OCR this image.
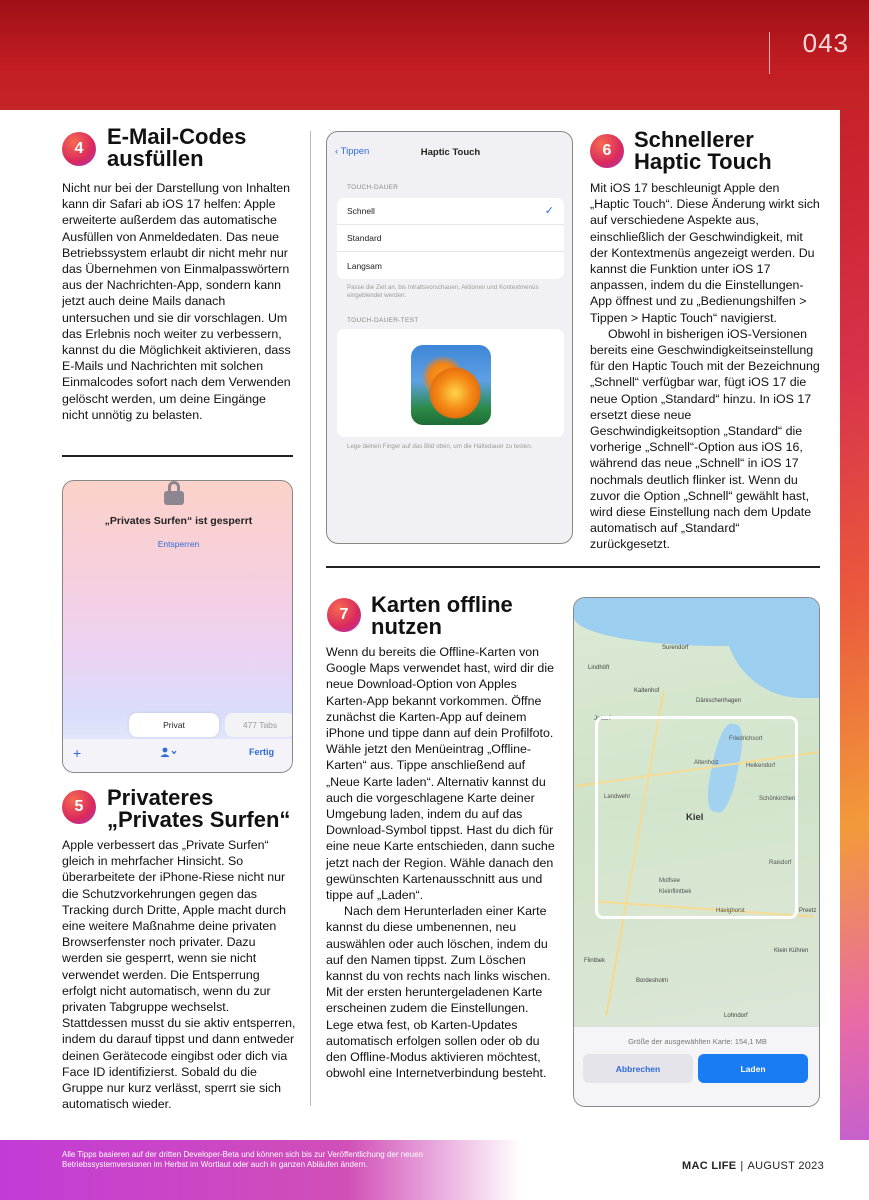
043
4	E-Mail-Codes
ausfüllen

Nicht nur bei der Darstellung von Inhalten kann dir Safari ab iOS 17 helfen: Apple erweiterte außerdem das automatische Ausfüllen von Anmeldedaten. Das neue Betriebssystem erlaubt dir nicht mehr nur das Übernehmen von Einmalpasswörtern aus der Nachrichten-App, sondern kann jetzt auch deine Mails danach untersuchen und sie dir vorschlagen. Um das Erlebnis noch weiter zu verbessern, kannst du die Möglichkeit aktivieren, dass E-Mails und Nachrichten mit solchen Einmalcodes sofort nach dem Verwenden gelöscht werden, um deine Eingänge nicht unnötig zu belasten.

„Privates Surfen“ ist gesperrt
Entsperren
Privat	477 Tabs
+	Fertig
5	Privateres
„Privates Surfen“

Apple verbessert das „Private Surfen“ gleich in mehrfacher Hinsicht. So überarbeitete der iPhone-Riese nicht nur die Schutzvorkehrungen gegen das Tracking durch Dritte, Apple macht durch eine weitere Maßnahme deine privaten Browserfenster noch privater. Dazu werden sie gesperrt, wenn sie nicht verwendet werden. Die Entsperrung erfolgt nicht automatisch, wenn du zur privaten Tabgruppe wechselst. Stattdessen musst du sie aktiv entsperren, indem du darauf tippst und dann entweder deinen Gerätecode eingibst oder dich via Face ID identifizierst. Sobald du die Gruppe nur kurz verlässt, sperrt sie sich automatisch wieder.

‹ Tippen	Haptic Touch
TOUCH-DAUER
Schnell	✓
Standard
Langsam
Passe die Zeit an, bis Inhaltsvorschauen, Aktionen und Kontextmenüs eingeblendet werden.
TOUCH-DAUER-TEST
Lege deinen Finger auf das Bild oben, um die Haltedauer zu testen.
6	Schnellerer
Haptic Touch

Mit iOS 17 beschleunigt Apple den „Haptic Touch“. Diese Änderung wirkt sich auf verschiedene Aspekte aus, einschließlich der Geschwindigkeit, mit der Kontextmenüs angezeigt werden. Du kannst die Funktion unter iOS 17 anpassen, indem du die Einstellungen-App öffnest und zu „Bedienungshilfen > Tippen > Haptic Touch“ navigierst.

Obwohl in bisherigen iOS-Versionen bereits eine Geschwindigkeitseinstellung für den Haptic Touch mit der Bezeichnung „Schnell“ verfügbar war, fügt iOS 17 die neue Option „Standard“ hinzu. In iOS 17 ersetzt diese neue Geschwindigkeitsoption „Standard“ die vorherige „Schnell“-Option aus iOS 16, während das neue „Schnell“ in iOS 17 nochmals deutlich flinker ist. Wenn du zuvor die Option „Schnell“ gewählt hast, wird diese Einstellung nach dem Update automatisch auf „Standard“ zurückgesetzt.

7	Karten offline
nutzen

Wenn du bereits die Offline-Karten von Google Maps verwendet hast, wird dir die neue Download-Option von Apples Karten-App bekannt vorkommen. Öffne zunächst die Karten-App auf deinem iPhone und tippe dann auf dein Profilfoto. Wähle jetzt den Menüeintrag „Offline-Karten“ aus. Tippe anschließend auf „Neue Karte laden“. Alternativ kannst du auch die vorgeschlagene Karte deiner Umgebung laden, indem du auf das Download-Symbol tippst. Hast du dich für eine neue Karte entschieden, dann suche jetzt nach der Region. Wähle danach den gewünschten Kartenausschnitt aus und tippe auf „Laden“.

Nach dem Herunterladen einer Karte kannst du diese umbenennen, neu auswählen oder auch löschen, indem du auf den Namen tippst. Zum Löschen kannst du von rechts nach links wischen. Mit der ersten heruntergeladenen Karte erscheinen zudem die Einstellungen. Lege etwa fest, ob Karten-Updates automatisch erfolgen sollen oder ob du den Offline-Modus aktivieren möchtest, obwohl eine Internetverbindung besteht.

Surendorf
Lindhöft
Kaltenhof
Dänischenhagen
Jettorf
Friedrichsort
Altenholz	Heikendorf
Landwehr	Schönkirchen
Kiel
Raisdorf
Molfsee
Kleinflintbek
Havighorst	Preetz
Flintbek
Bordesholm
Klein Kühren
Lohndorf
Größe der ausgewählten Karte: 154,1 MB
Abbrechen	Laden
Alle Tipps basieren auf der dritten Developer-Beta und können sich bis zur Veröffentlichung der neuen Betriebssystemversionen im Herbst im Wortlaut oder auch in ganzen Abläufen ändern.	MAC LIFE | AUGUST 2023
